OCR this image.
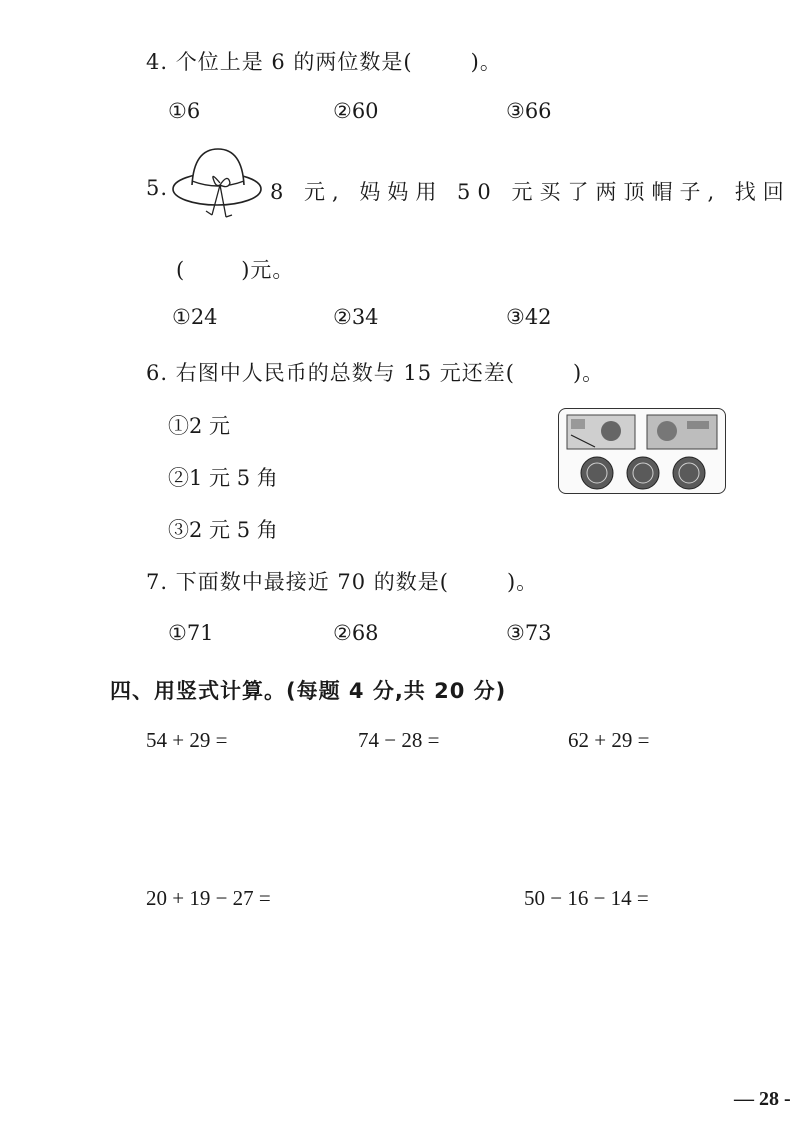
4. 个位上是 6 的两位数是(	)。
①6	②60	③66
5.	8 元, 妈妈用 50 元买了两顶帽子, 找回
(	)元。
①24	②34	③42
6. 右图中人民币的总数与 15 元还差(	)。
①2 元
②1 元 5 角
③2 元 5 角
7. 下面数中最接近 70 的数是(	)。
①71	②68	③73
四、用竖式计算。(每题 4 分,共 20 分)
54 + 29 =	74 − 28 =	62 + 29 =
20 + 19 − 27 =	50 − 16 − 14 =
— 28 -
